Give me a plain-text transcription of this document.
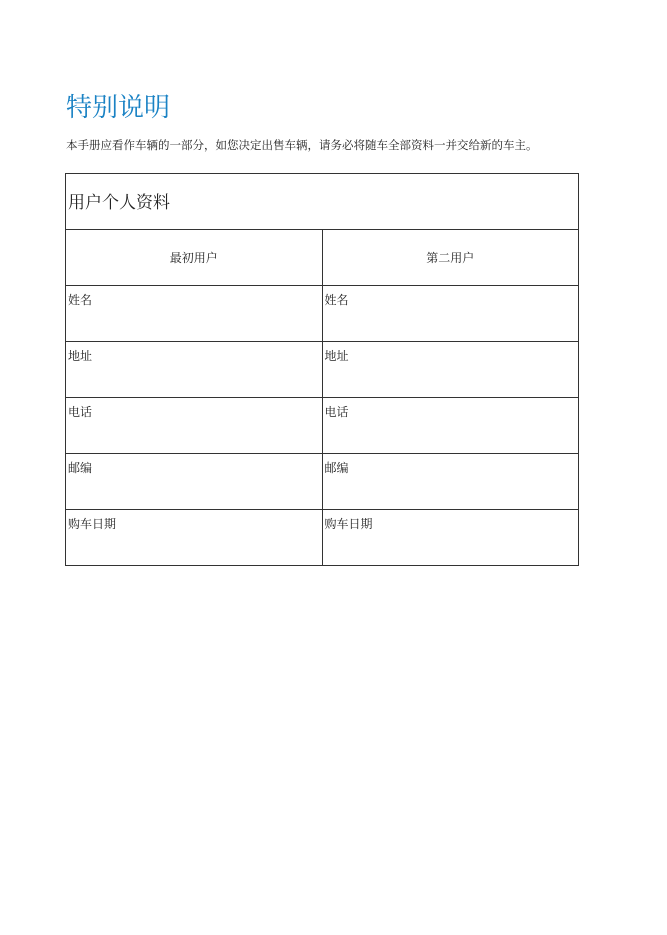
特别说明

本手册应看作车辆的一部分，如您决定出售车辆，请务必将随车全部资料一并交给新的车主。

用户个人资料	

最初用户	第二用户

姓名	姓名

地址	地址

电话	电话

邮编	邮编

购车日期	购车日期
